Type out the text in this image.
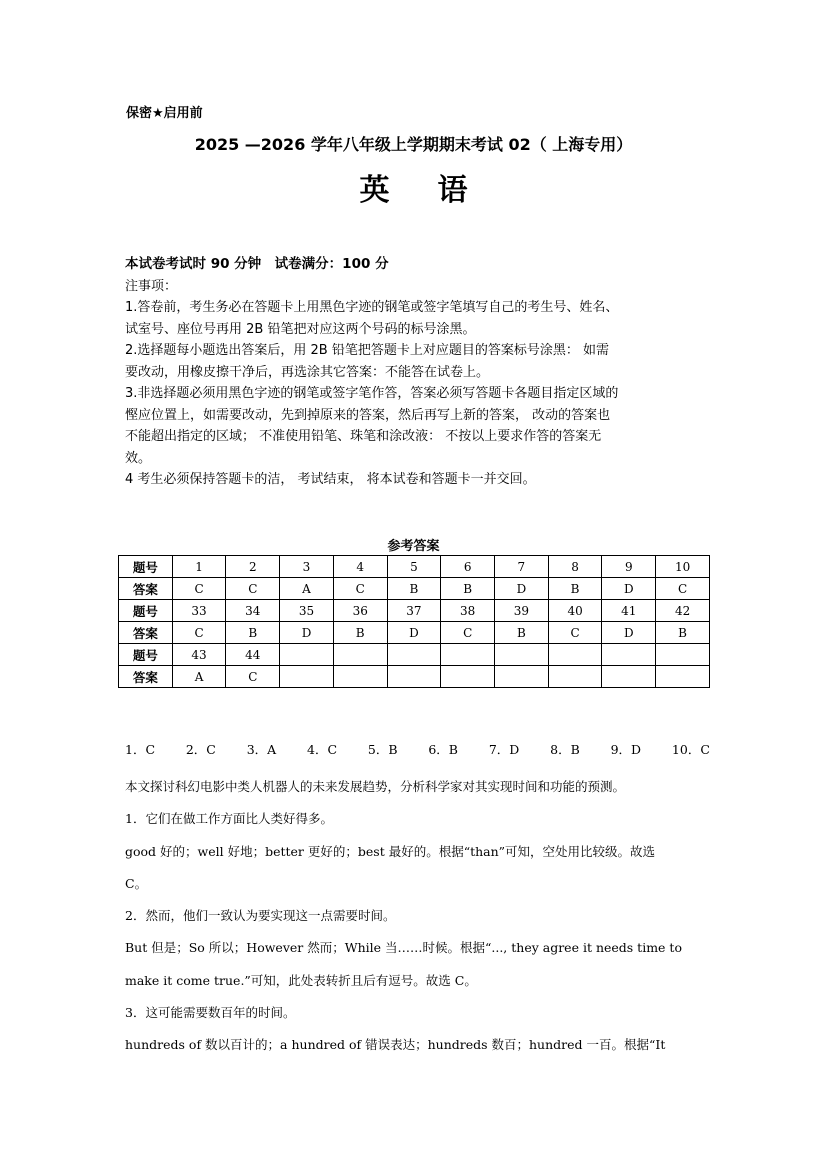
保密★启用前
2025 —2026 学年八年级上学期期末考试 02（ 上海专用）
英 语

本试卷考试时 90 分钟　试卷满分：100 分

注事项：

1.答卷前，考生务必在答题卡上用黑色字迹的钢笔或签字笔填写自己的考生号、姓名、

试室号、座位号再用 2B 铅笔把对应这两个号码的标号涂黑。

2.选择题每小题选出答案后，用 2B 铅笔把答题卡上对应题目的答案标号涂黑： 如需

要改动，用橡皮擦干净后，再选涂其它答案：不能答在试卷上。

3.非选择题必须用黑色字迹的钢笔或签字笔作答，答案必须写答题卡各题目指定区域的

慳应位置上，如需要改动，先到掉原来的答案，然后再写上新的答案， 改动的答案也

不能超出指定的区域； 不准使用铅笔、珠笔和涂改液： 不按以上要求作答的答案无

效。

4 考生必须保持答题卡的洁， 考试结束， 将本试卷和答题卡一并交回。

参考答案
题号	1	2	3	4	5	6	7	8	9	10
答案	C	C	A	C	B	B	D	B	D	C
题号	33	34	35	36	37	38	39	40	41	42
答案	C	B	D	B	D	C	B	C	D	B
题号	43	44								
答案	A	C								
1．C 2．C 3．A 4．C 5．B 6．B 7．D 8．B 9．D 10．C

本文探讨科幻电影中类人机器人的未来发展趋势，分析科学家对其实现时间和功能的预测。

1．它们在做工作方面比人类好得多。

good 好的；well 好地；better 更好的；best 最好的。根据“than”可知，空处用比较级。故选

C。

2．然而，他们一致认为要实现这一点需要时间。

But 但是；So 所以；However 然而；While 当……时候。根据“..., they agree it needs time to

make it come true.”可知，此处表转折且后有逗号。故选 C。

3．这可能需要数百年的时间。

hundreds of 数以百计的；a hundred of 错误表达；hundreds 数百；hundred 一百。根据“It
